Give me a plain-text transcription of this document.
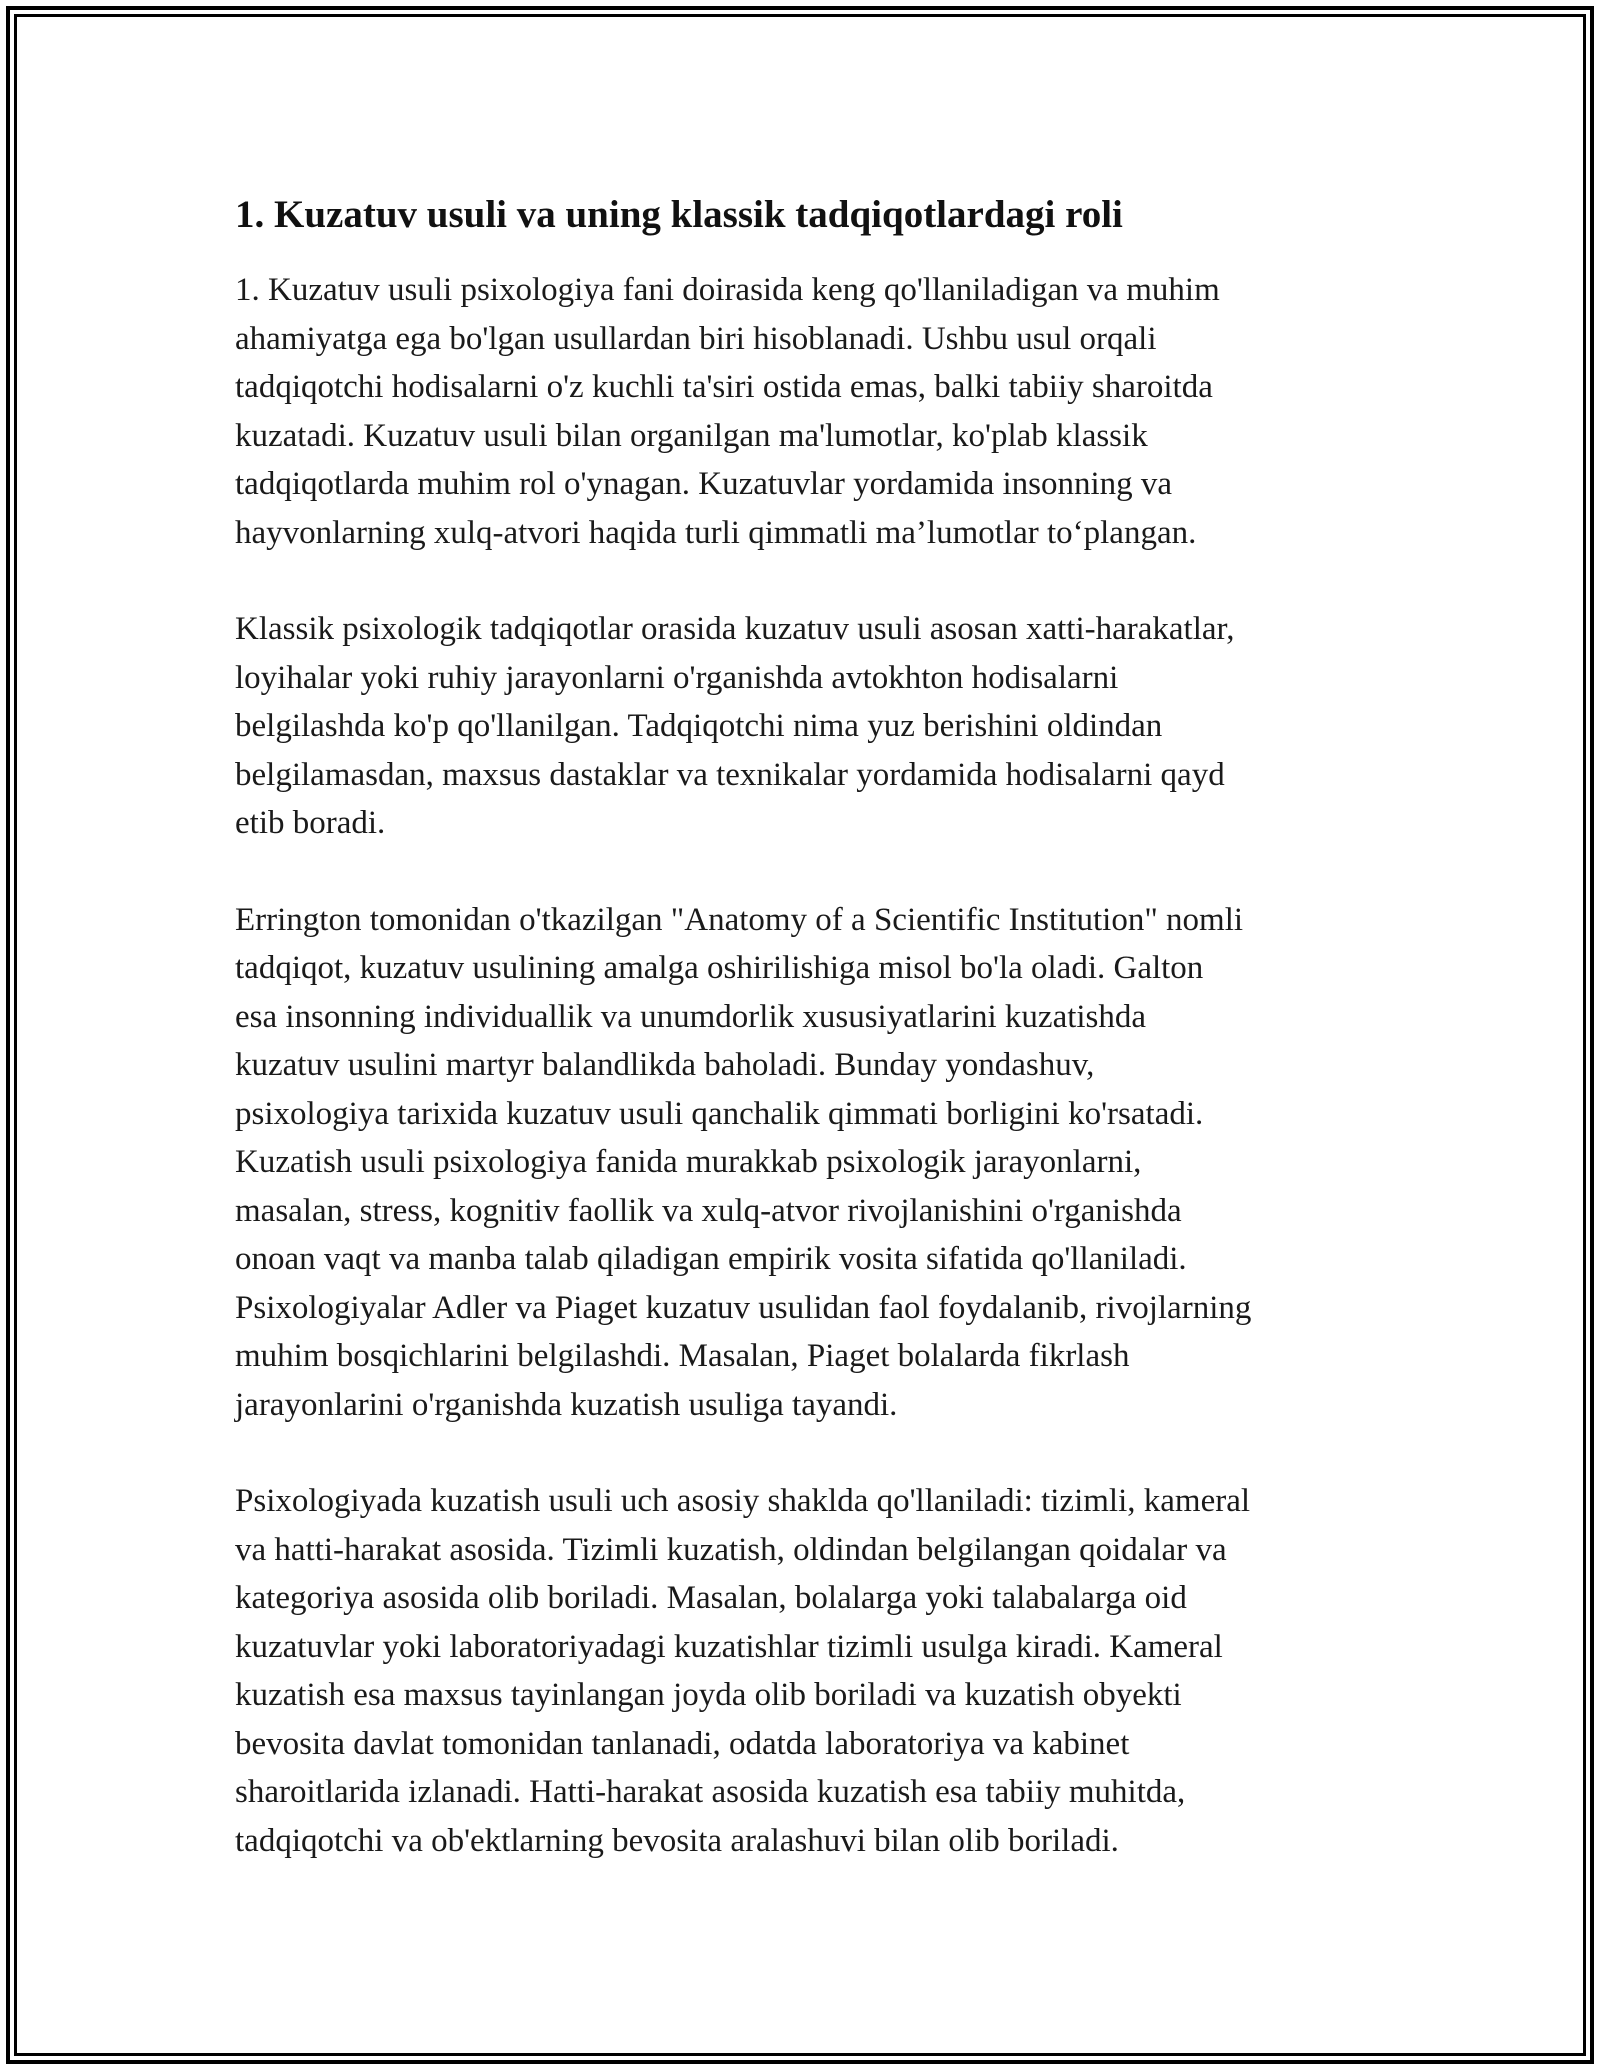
1. Kuzatuv usuli va uning klassik tadqiqotlardagi roli

1. Kuzatuv usuli psixologiya fani doirasida keng qo'llaniladigan va muhim
ahamiyatga ega bo'lgan usullardan biri hisoblanadi. Ushbu usul orqali
tadqiqotchi hodisalarni o'z kuchli ta'siri ostida emas, balki tabiiy sharoitda
kuzatadi. Kuzatuv usuli bilan organilgan ma'lumotlar, ko'plab klassik
tadqiqotlarda muhim rol o'ynagan. Kuzatuvlar yordamida insonning va
hayvonlarning xulq-atvori haqida turli qimmatli ma’lumotlar to‘plangan.

Klassik psixologik tadqiqotlar orasida kuzatuv usuli asosan xatti-harakatlar,
loyihalar yoki ruhiy jarayonlarni o'rganishda avtokhton hodisalarni
belgilashda ko'p qo'llanilgan. Tadqiqotchi nima yuz berishini oldindan
belgilamasdan, maxsus dastaklar va texnikalar yordamida hodisalarni qayd
etib boradi.

Errington tomonidan o'tkazilgan "Anatomy of a Scientific Institution" nomli
tadqiqot, kuzatuv usulining amalga oshirilishiga misol bo'la oladi. Galton
esa insonning individuallik va unumdorlik xususiyatlarini kuzatishda
kuzatuv usulini martyr balandlikda baholadi. Bunday yondashuv,
psixologiya tarixida kuzatuv usuli qanchalik qimmati borligini ko'rsatadi.
Kuzatish usuli psixologiya fanida murakkab psixologik jarayonlarni,
masalan, stress, kognitiv faollik va xulq-atvor rivojlanishini o'rganishda
onoan vaqt va manba talab qiladigan empirik vosita sifatida qo'llaniladi.
Psixologiyalar Adler va Piaget kuzatuv usulidan faol foydalanib, rivojlarning
muhim bosqichlarini belgilashdi. Masalan, Piaget bolalarda fikrlash
jarayonlarini o'rganishda kuzatish usuliga tayandi.

Psixologiyada kuzatish usuli uch asosiy shaklda qo'llaniladi: tizimli, kameral
va hatti-harakat asosida. Tizimli kuzatish, oldindan belgilangan qoidalar va
kategoriya asosida olib boriladi. Masalan, bolalarga yoki talabalarga oid
kuzatuvlar yoki laboratoriyadagi kuzatishlar tizimli usulga kiradi. Kameral
kuzatish esa maxsus tayinlangan joyda olib boriladi va kuzatish obyekti
bevosita davlat tomonidan tanlanadi, odatda laboratoriya va kabinet
sharoitlarida izlanadi. Hatti-harakat asosida kuzatish esa tabiiy muhitda,
tadqiqotchi va ob'ektlarning bevosita aralashuvi bilan olib boriladi.
